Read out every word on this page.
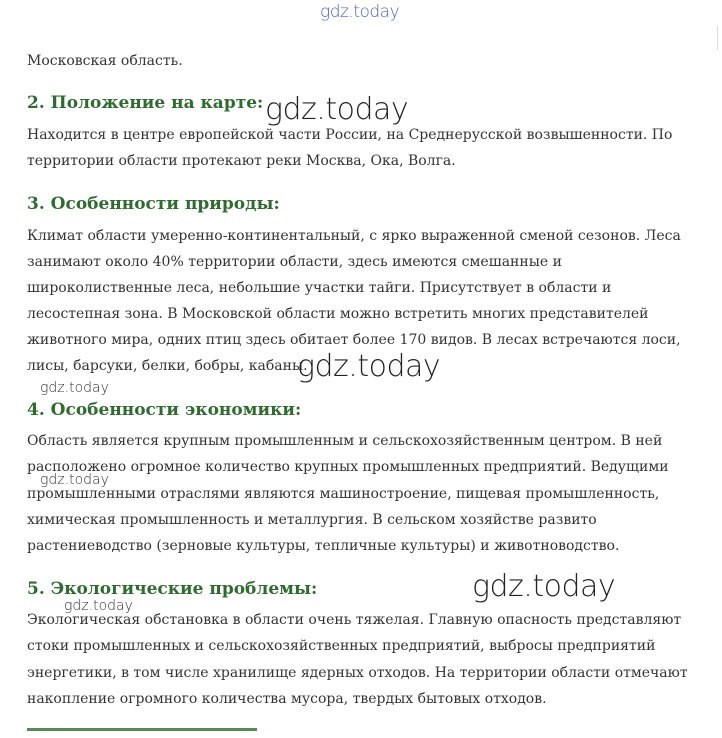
Московская область.

2. Положение на карте:

Находится в центре европейской части России, на Среднерусской возвышенности. По

территории области протекают реки Москва, Ока, Волга.

3. Особенности природы:

Климат области умеренно-континентальный, с ярко выраженной сменой сезонов. Леса

занимают около 40% территории области, здесь имеются смешанные и

широколиственные леса, небольшие участки тайги. Присутствует в области и

лесостепная зона. В Московской области можно встретить многих представителей

животного мира, одних птиц здесь обитает более 170 видов. В лесах встречаются лоси,

лисы, барсуки, белки, бобры, кабаны.

4. Особенности экономики:

Область является крупным промышленным и сельскохозяйственным центром. В ней

расположено огромное количество крупных промышленных предприятий. Ведущими

промышленными отраслями являются машиностроение, пищевая промышленность,

химическая промышленность и металлургия. В сельском хозяйстве развито

растениеводство (зерновые культуры, тепличные культуры) и животноводство.

5. Экологические проблемы:

Экологическая обстановка в области очень тяжелая. Главную опасность представляют

стоки промышленных и сельскохозяйственных предприятий, выбросы предприятий

энергетики, в том числе хранилище ядерных отходов. На территории области отмечают

накопление огромного количества мусора, твердых бытовых отходов.

gdz.today
gdz.today
gdz.today
gdz.today
gdz.today
gdz.today
gdz.today
